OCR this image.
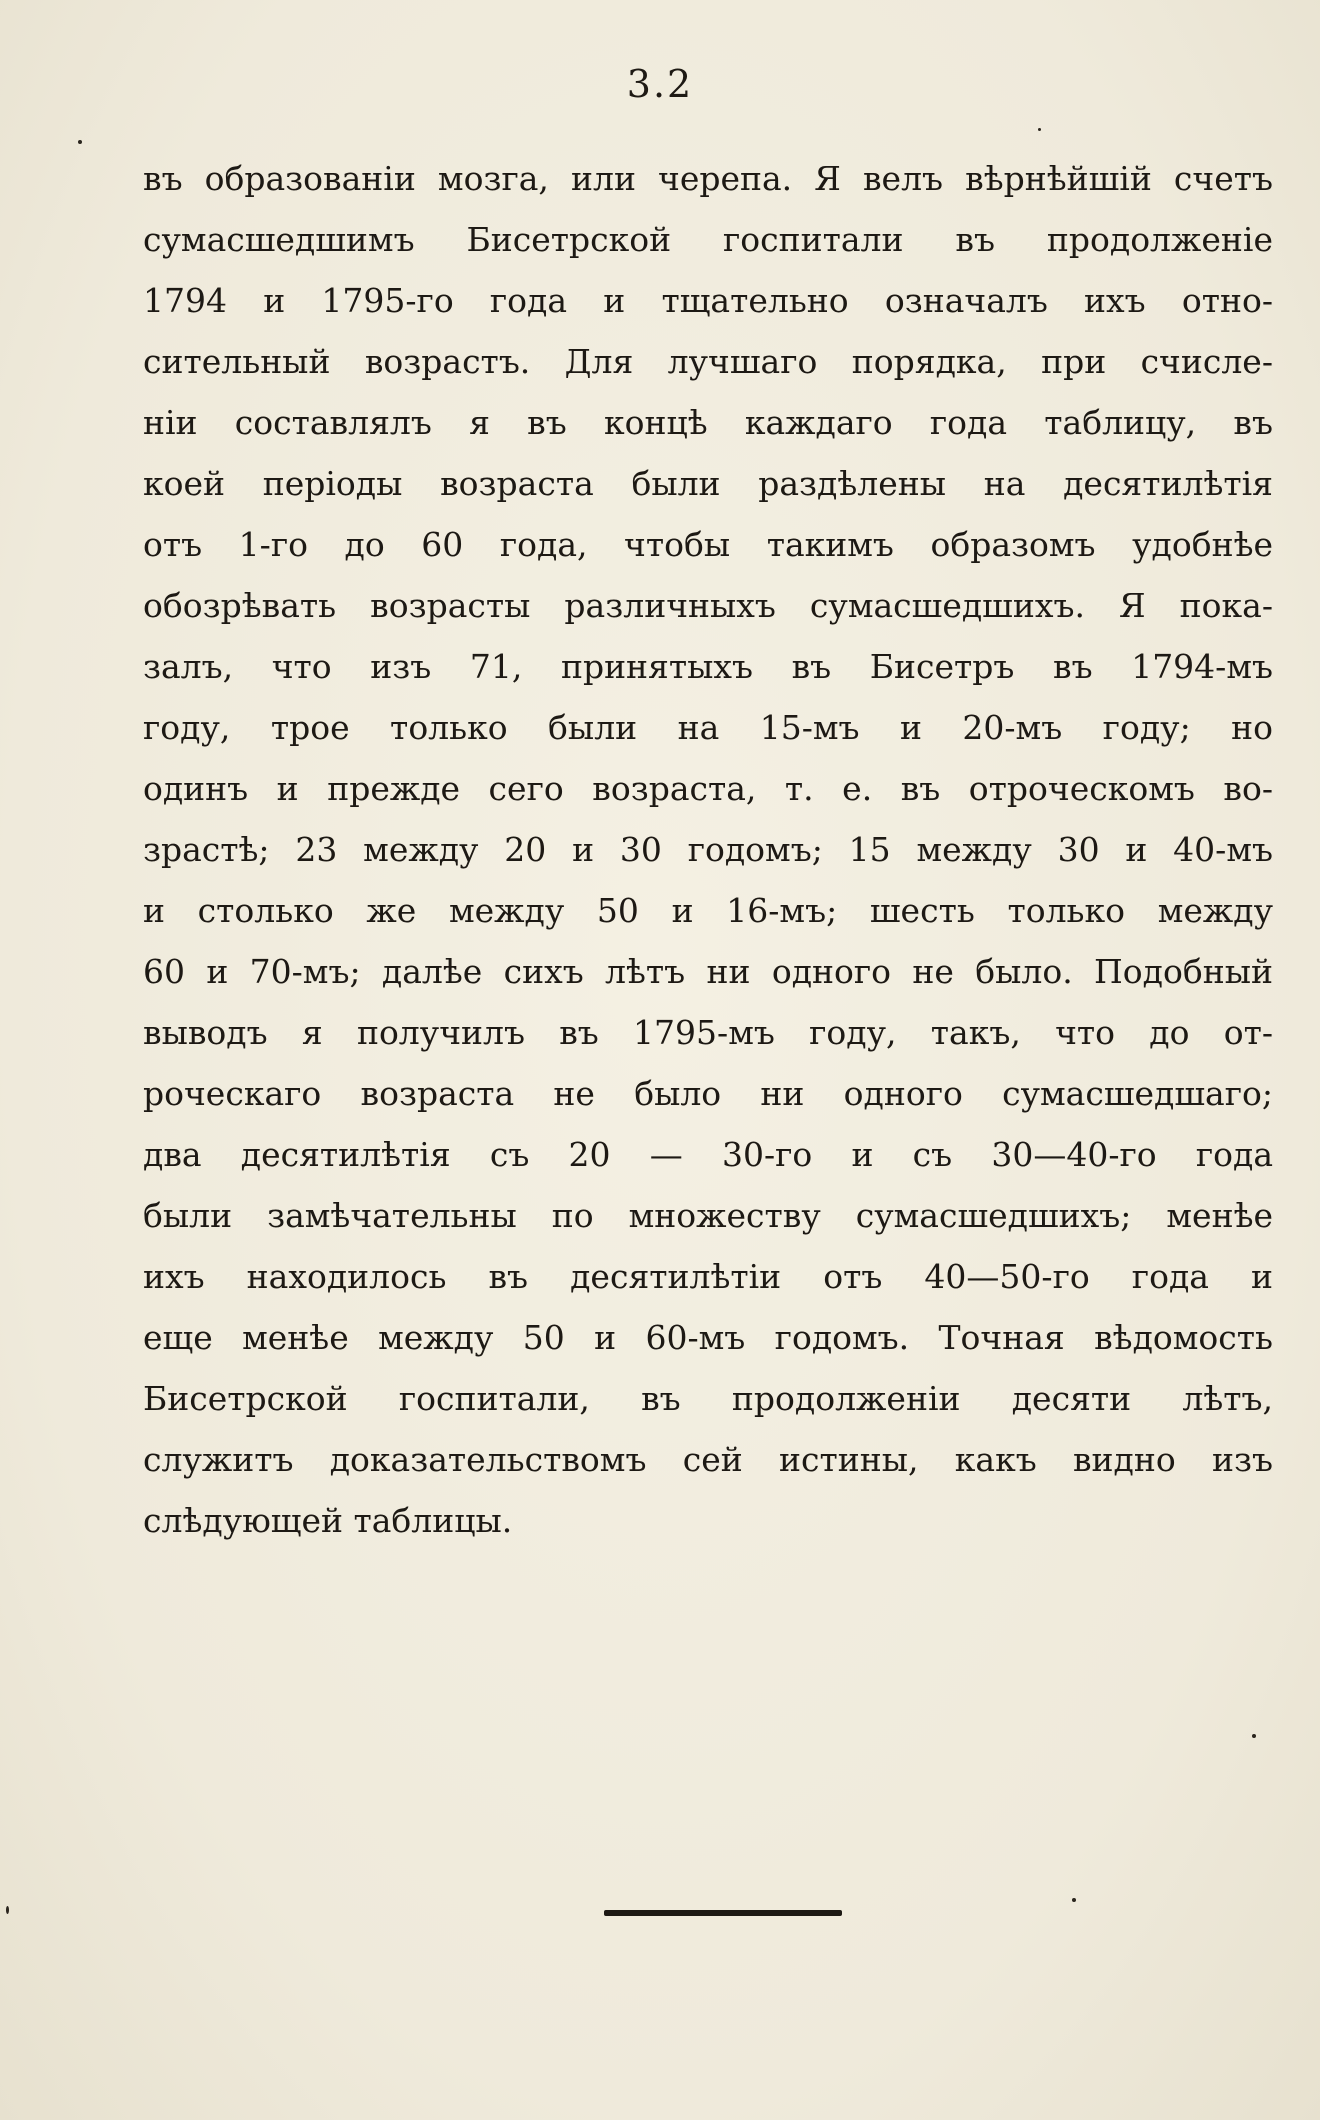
3.2
въ образованіи мозга, или черепа. Я велъ вѣрнѣйшій счетъ
сумасшедшимъ Бисетрской госпитали въ продолженіе
1794 и 1795-го года и тщательно означалъ ихъ отно-
сительный возрастъ. Для лучшаго порядка, при счисле-
ніи составлялъ я въ концѣ каждаго года таблицу, въ
коей періоды возраста были раздѣлены на десятилѣтія
отъ 1-го до 60 года, чтобы такимъ образомъ удобнѣе
обозрѣвать возрасты различныхъ сумасшедшихъ. Я пока-
залъ, что изъ 71, принятыхъ въ Бисетръ въ 1794-мъ
году, трое только были на 15-мъ и 20-мъ году; но
одинъ и прежде сего возраста, т. е. въ отроческомъ во-
зрастѣ; 23 между 20 и 30 годомъ; 15 между 30 и 40-мъ
и столько же между 50 и 16-мъ; шесть только между
60 и 70-мъ; далѣе сихъ лѣтъ ни одного не было. Подобный
выводъ я получилъ въ 1795-мъ году, такъ, что до от-
роческаго возраста не было ни одного сумасшедшаго;
два десятилѣтія съ 20 — 30-го и съ 30—40-го года
были замѣчательны по множеству сумасшедшихъ; менѣе
ихъ находилось въ десятилѣтіи отъ 40—50-го года и
еще менѣе между 50 и 60-мъ годомъ. Точная вѣдомость
Бисетрской госпитали, въ продолженіи десяти лѣтъ,
служитъ доказательствомъ сей истины, какъ видно изъ
слѣдующей таблицы.
